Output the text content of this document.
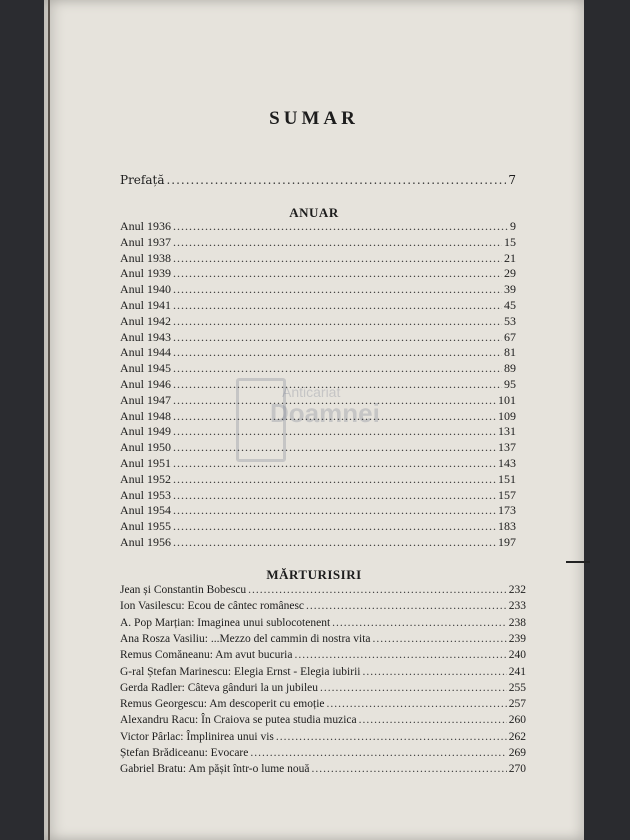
Anticariat
Doamnei
SUMAR
Prefață .....	7
ANUAR
Anul 1936 .....	9
Anul 1937 .....	15
Anul 1938 .....	21
Anul 1939 .....	29
Anul 1940 .....	39
Anul 1941 .....	45
Anul 1942 .....	53
Anul 1943 .....	67
Anul 1944 .....	81
Anul 1945 .....	89
Anul 1946 .....	95
Anul 1947 .....	101
Anul 1948 .....	109
Anul 1949 .....	131
Anul 1950 .....	137
Anul 1951 .....	143
Anul 1952 .....	151
Anul 1953 .....	157
Anul 1954 .....	173
Anul 1955 .....	183
Anul 1956 .....	197
MĂRTURISIRI
Jean și Constantin Bobescu .....	232
Ion Vasilescu: Ecou de cântec românesc .....	233
A. Pop Marțian: Imaginea unui sublocotenent .....	238
Ana Rosza Vasiliu: ...Mezzo del cammin di nostra vita .....	239
Remus Comăneanu: Am avut bucuria .....	240
G-ral Ștefan Marinescu: Elegia Ernst - Elegia iubirii .....	241
Gerda Radler: Câteva gânduri la un jubileu .....	255
Remus Georgescu: Am descoperit cu emoție .....	257
Alexandru Racu: În Craiova se putea studia muzica .....	260
Victor Pârlac: Împlinirea unui vis .....	262
Ștefan Brădiceanu: Evocare .....	269
Gabriel Bratu: Am pășit într-o lume nouă .....	270
